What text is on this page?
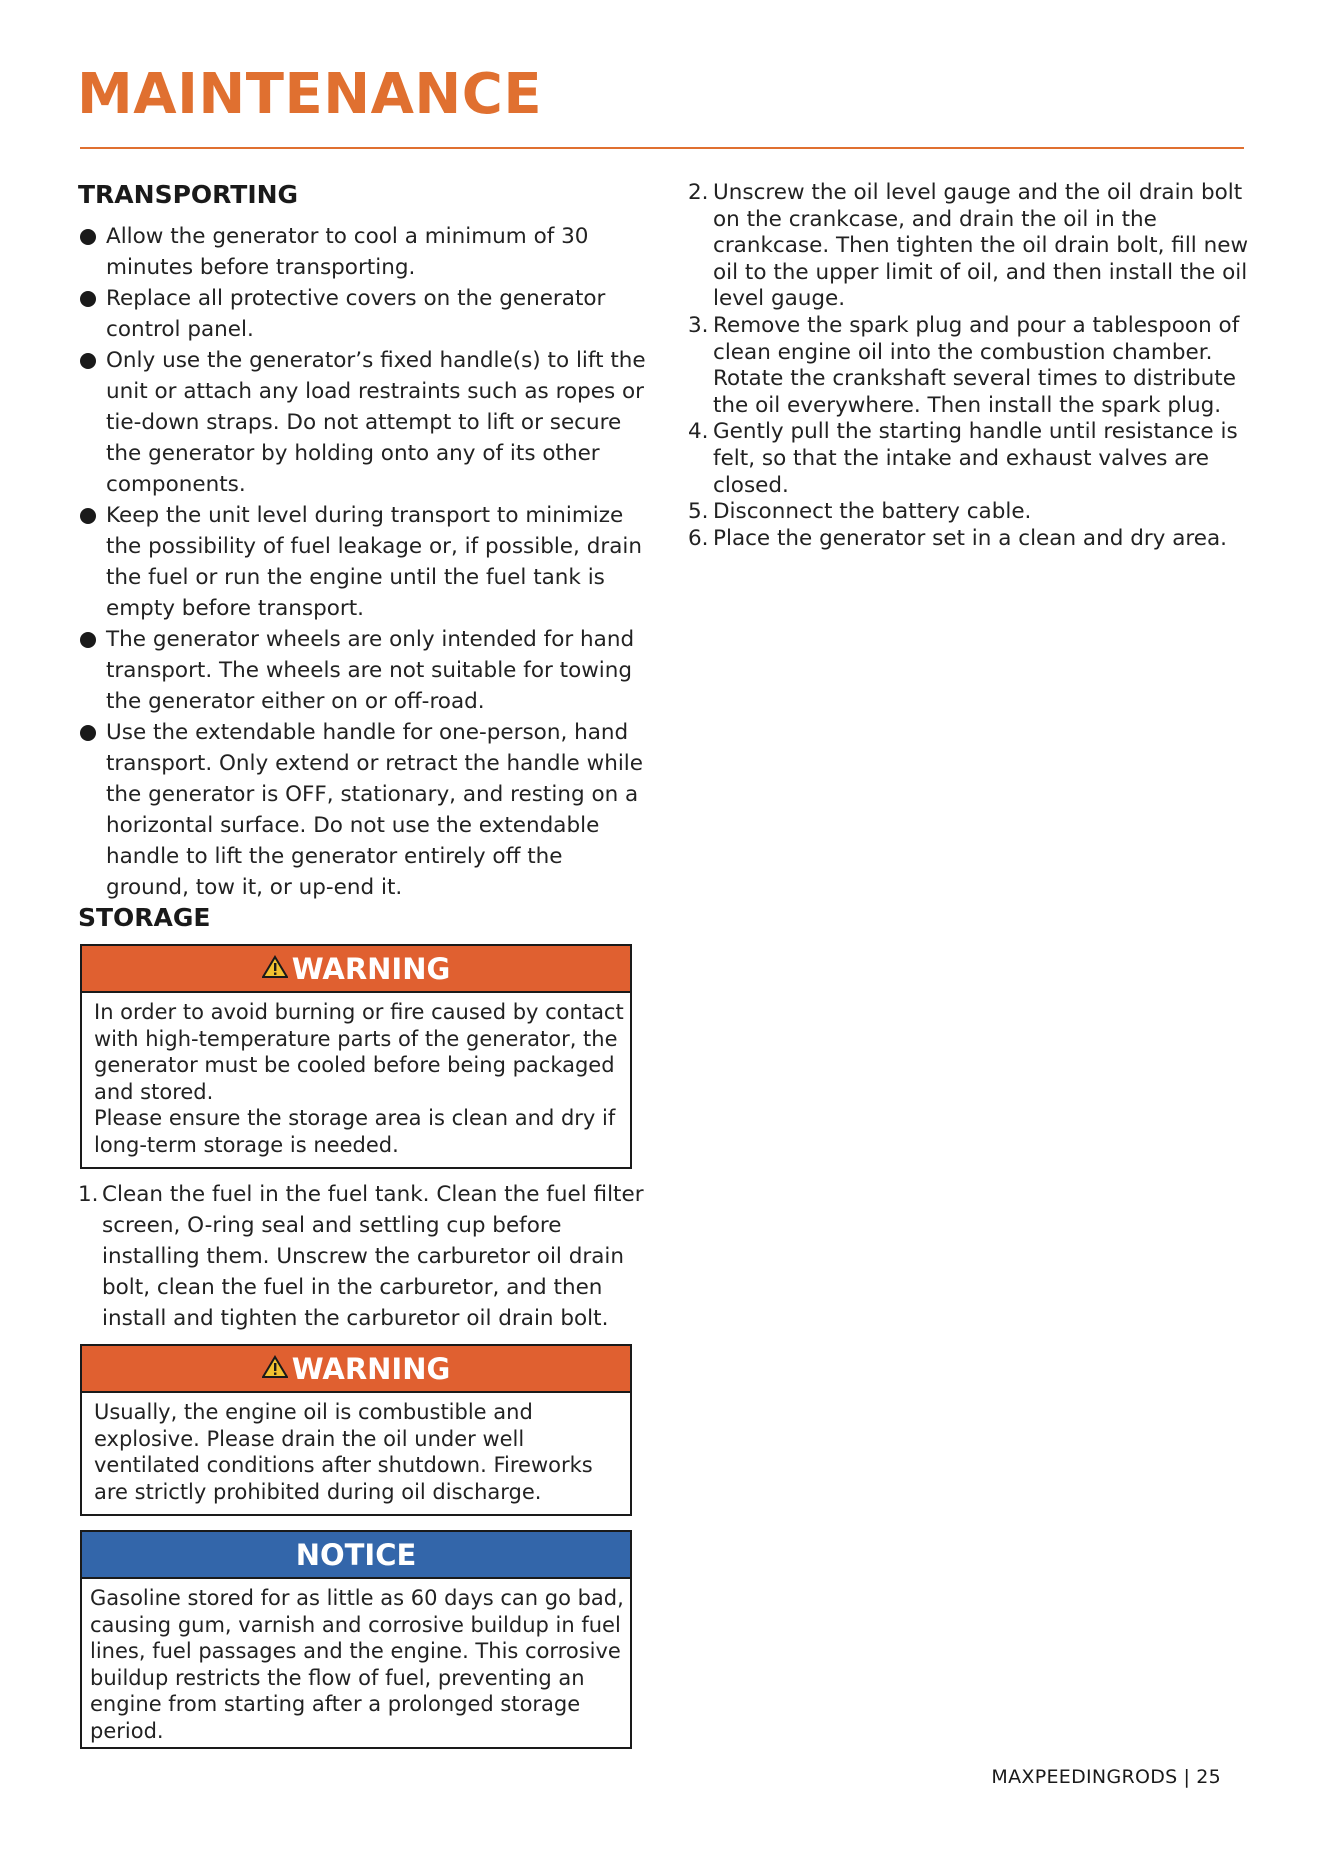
MAINTENANCE
TRANSPORTING
Allow the generator to cool a minimum of 30 minutes before transporting.
Replace all protective covers on the generator control panel.
Only use the generator’s fixed handle(s) to lift the unit or attach any load restraints such as ropes or tie-down straps. Do not attempt to lift or secure the generator by holding onto any of its other components.
Keep the unit level during transport to minimize the possibility of fuel leakage or, if possible, drain the fuel or run the engine until the fuel tank is empty before transport.
The generator wheels are only intended for hand transport. The wheels are not suitable for towing the generator either on or off-road.
Use the extendable handle for one-person, hand transport. Only extend or retract the handle while the generator is OFF, stationary, and resting on a horizontal surface. Do not use the extendable handle to lift the generator entirely off the ground, tow it, or up-end it.
STORAGE
WARNING

In order to avoid burning or fire caused by contact with high-temperature parts of the generator, the generator must be cooled before being packaged and stored.

Please ensure the storage area is clean and dry if long-term storage is needed.

1. Clean the fuel in the fuel tank. Clean the fuel filter screen, O-ring seal and settling cup before installing them. Unscrew the carburetor oil drain bolt, clean the fuel in the carburetor, and then install and tighten the carburetor oil drain bolt.
WARNING

Usually, the engine oil is combustible and explosive. Please drain the oil under well ventilated conditions after shutdown. Fireworks are strictly prohibited during oil discharge.

NOTICE

Gasoline stored for as little as 60 days can go bad, causing gum, varnish and corrosive buildup in fuel lines, fuel passages and the engine. This corrosive buildup restricts the flow of fuel, preventing an engine from starting after a prolonged storage period.

2. Unscrew the oil level gauge and the oil drain bolt on the crankcase, and drain the oil in the crankcase. Then tighten the oil drain bolt, fill new oil to the upper limit of oil, and then install the oil level gauge.
3. Remove the spark plug and pour a tablespoon of clean engine oil into the combustion chamber. Rotate the crankshaft several times to distribute the oil everywhere. Then install the spark plug.
4. Gently pull the starting handle until resistance is felt, so that the intake and exhaust valves are closed.
5. Disconnect the battery cable.
6. Place the generator set in a clean and dry area.
MAXPEEDINGRODS | 25
